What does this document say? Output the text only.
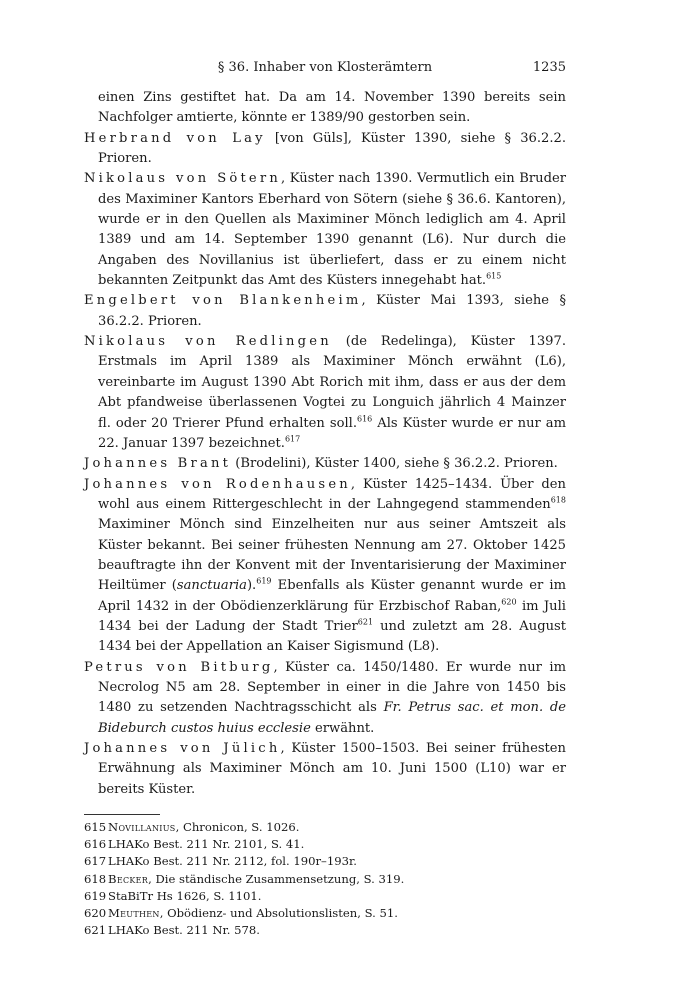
§ 36. Inhaber von Klosterämtern	1235

einen Zins gestiftet hat. Da am 14. November 1390 bereits sein Nachfolger amtierte, könnte er 1389/90 gestorben sein.

Herbrand von Lay [von Güls], Küster 1390, siehe § 36.2.2. Prioren.

Nikolaus von Sötern, Küster nach 1390. Vermutlich ein Bruder des Maximiner Kantors Eberhard von Sötern (siehe § 36.6. Kantoren), wurde er in den Quellen als Maximiner Mönch lediglich am 4. April 1389 und am 14. September 1390 genannt (L6). Nur durch die Angaben des Novillanius ist überliefert, dass er zu einem nicht bekannten Zeitpunkt das Amt des Küsters innegehabt hat.$^{615}$

Engelbert von Blankenheim, Küster Mai 1393, siehe § 36.2.2. Prioren.

Nikolaus von Redlingen (de Redelinga), Küster 1397. Erstmals im April 1389 als Maximiner Mönch erwähnt (L6), vereinbarte im August 1390 Abt Rorich mit ihm, dass er aus der dem Abt pfandweise überlassenen Vogtei zu Longuich jährlich 4 Mainzer fl. oder 20 Trierer Pfund erhalten soll.$^{616}$ Als Küster wurde er nur am 22. Januar 1397 bezeichnet.$^{617}$

Johannes Brant (Brodelini), Küster 1400, siehe § 36.2.2. Prioren.

Johannes von Rodenhausen, Küster 1425–1434. Über den wohl aus einem Rittergeschlecht in der Lahngegend stammenden$^{618}$ Maximiner Mönch sind Einzelheiten nur aus seiner Amtszeit als Küster bekannt. Bei seiner frühesten Nennung am 27. Oktober 1425 beauftragte ihn der Konvent mit der Inventarisierung der Maximiner Heiltümer (sanctuaria).$^{619}$ Ebenfalls als Küster genannt wurde er im April 1432 in der Obödienzerklärung für Erzbischof Raban,$^{620}$ im Juli 1434 bei der Ladung der Stadt Trier$^{621}$ und zuletzt am 28. August 1434 bei der Appellation an Kaiser Sigismund (L8).

Petrus von Bitburg, Küster ca. 1450/1480. Er wurde nur im Necrolog N5 am 28. September in einer in die Jahre von 1450 bis 1480 zu setzenden Nachtragsschicht als Fr. Petrus sac. et mon. de Bideburch custos huius ecclesie erwähnt.

Johannes von Jülich, Küster 1500–1503. Bei seiner frühesten Erwähnung als Maximiner Mönch am 10. Juni 1500 (L10) war er bereits Küster.

615 Novillanius, Chronicon, S. 1026.

616 LHAKo Best. 211 Nr. 2101, S. 41.

617 LHAKo Best. 211 Nr. 2112, fol. 190r–193r.

618 Becker, Die ständische Zusammensetzung, S. 319.

619 StaBiTr Hs 1626, S. 1101.

620 Meuthen, Obödienz- und Absolutionslisten, S. 51.

621 LHAKo Best. 211 Nr. 578.
